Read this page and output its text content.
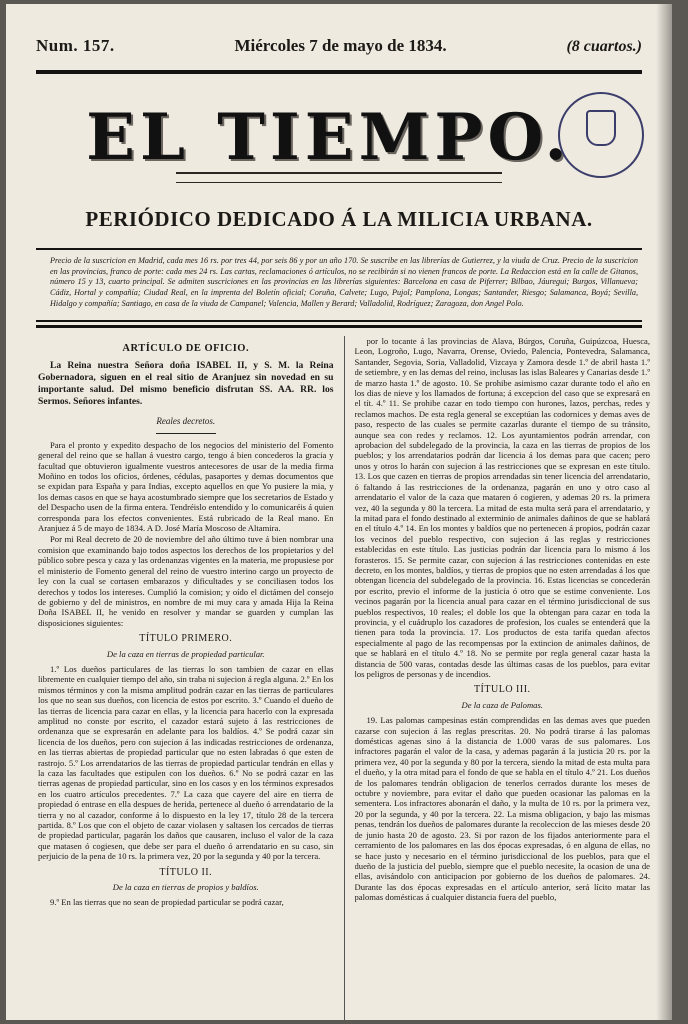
Num. 157.	Miércoles 7 de mayo de 1834.	(8 cuartos.)
EL TIEMPO.
PERIÓDICO DEDICADO Á LA MILICIA URBANA.
Precio de la suscricion en Madrid, cada mes 16 rs. por tres 44, por seis 86 y por un año 170. Se suscribe en las librerías de Gutierrez, y la viuda de Cruz. Precio de la suscricion en las provincias, franco de porte: cada mes 24 rs. Las cartas, reclamaciones ó artículos, no se recibirán si no vienen francos de porte. La Redaccion está en la calle de Gitanos, número 15 y 13, cuarto principal. Se admiten suscriciones en las provincias en las librerías siguientes: Barcelona en casa de Piferrer; Bilbao, Jáuregui; Burgos, Villanueva; Cádiz, Hortal y compañía; Ciudad Real, en la imprenta del Boletín oficial; Coruña, Calvete; Lugo, Pujol; Pamplona, Longas; Santander, Riesgo; Salamanca, Boyá; Sevilla, Hidalgo y compañía; Santiago, en casa de la viuda de Campanel; Valencia, Mallen y Berard; Valladolid, Rodríguez; Zaragoza, don Angel Polo.
ARTÍCULO DE OFICIO.

La Reina nuestra Señora doña ISABEL II, y S. M. la Reina Gobernadora, siguen en el real sitio de Aranjuez sin novedad en su importante salud. Del mismo beneficio disfrutan SS. AA. RR. los Sermos. Señores infantes.

Reales decretos.

Para el pronto y expedito despacho de los negocios del ministerio del Fomento general del reino que se hallan á vuestro cargo, tengo á bien concederos la gracia y facultad que obtuvieron igualmente vuestros antecesores de usar de la media firma Moñino en todos los oficios, órdenes, cédulas, pasaportes y demas documentos que se expidan para España y para Indias, excepto aquellos en que Yo pusiere la mia, y los demas casos en que se haya acostumbrado siempre que los secretarios de Estado y del Despacho usen de la firma entera. Tendréislo entendido y lo comunicaréis á quien corresponda para los efectos convenientes. Está rubricado de la Real mano. En Aranjuez á 5 de mayo de 1834. A D. José María Moscoso de Altamira.

Por mi Real decreto de 20 de noviembre del año último tuve á bien nombrar una comision que examinando bajo todos aspectos los derechos de los propietarios y del público sobre pesca y caza y las ordenanzas vigentes en la materia, me propusiese por el ministerio de Fomento general del reino de vuestro interino cargo un proyecto de ley con la cual se cortasen embarazos y dificultades y se conciliasen todos los derechos y todos los intereses. Cumplió la comision; y oído el dictámen del consejo de gobierno y del de ministros, en nombre de mi muy cara y amada Hija la Reina Doña ISABEL II, he venido en resolver y mandar se guarden y cumplan las disposiciones siguientes:

TÍTULO PRIMERO.
De la caza en tierras de propiedad particular.

1.º Los dueños particulares de las tierras lo son tambien de cazar en ellas libremente en cualquier tiempo del año, sin traba ni sujecion á regla alguna. 2.º En los mismos términos y con la misma amplitud podrán cazar en las tierras de particulares los que no sean sus dueños, con licencia de estos por escrito. 3.º Cuando el dueño de las tierras de licencia para cazar en ellas, y la licencia para hacerlo con la expresada amplitud no conste por escrito, el cazador estará sujeto á las restricciones de ordenanza que se expresarán en adelante para los baldíos. 4.º Se podrá cazar sin licencia de los dueños, pero con sujecion á las indicadas restricciones de ordenanza, en las tierras abiertas de propiedad particular que no esten labradas ó que esten de rastrojo. 5.º Los arrendatarios de las tierras de propiedad particular tendrán en ellas y la caza las facultades que estipulen con los dueños. 6.º No se podrá cazar en las tierras agenas de propiedad particular, sino en los casos y en los términos expresados en los cuatro artículos precedentes. 7.º La caza que cayere del aire en tierra de propiedad ó entrase en ella despues de herida, pertenece al dueño ó arrendatario de la tierra y no al cazador, conforme á lo dispuesto en la ley 17, título 28 de la tercera partida. 8.º Los que con el objeto de cazar violasen y saltasen los cercados de tierras de propiedad particular, pagarán los daños que causaren, incluso el valor de la caza que matasen ó cogiesen, que debe ser para el dueño ó arrendatario en su caso, sin perjuicio de la pena de 10 rs. la primera vez, 20 por la segunda y 40 por la tercera.

TÍTULO II.
De la caza en tierras de propios y baldíos.

9.º En las tierras que no sean de propiedad particular se podrá cazar,

por lo tocante á las provincias de Alava, Búrgos, Coruña, Guipúzcoa, Huesca, Leon, Logroño, Lugo, Navarra, Orense, Oviedo, Palencia, Pontevedra, Salamanca, Santander, Segovia, Soria, Valladolid, Vizcaya y Zamora desde 1.º de abril hasta 1.º de setiembre, y en las demas del reino, inclusas las islas Baleares y Canarias desde 1.º de marzo hasta 1.º de agosto. 10. Se prohibe asimismo cazar durante todo el año en los dias de nieve y los llamados de fortuna; á excepcion del caso que se expresará en el tít. 4.º 11. Se prohibe cazar en todo tiempo con hurones, lazos, perchas, redes y reclamos machos. De esta regla general se exceptúan las codornices y demas aves de paso, respecto de las cuales se permite cazarlas durante el tiempo de su tránsito, aunque sea con redes y reclamos. 12. Los ayuntamientos podrán arrendar, con aprobacion del subdelegado de la provincia, la caza en las tierras de propios de los pueblos; y los arrendatarios podrán dar licencia á los demas para que cacen; pero unos y otros lo harán con sujecion á las restricciones que se expresan en este título. 13. Los que cazen en tierras de propios arrendadas sin tener licencia del arrendatario, ó faltando á las restricciones de la ordenanza, pagarán en uno y otro caso al arrendatario el valor de la caza que mataren ó cogieren, y ademas 20 rs. la primera vez, 40 la segunda y 80 la tercera. La mitad de esta multa será para el arrendatario, y la mitad para el fondo destinado al exterminio de animales dañinos de que se hablará en el título 4.º 14. En los montes y baldíos que no pertenecen á propios, podrán cazar los vecinos del pueblo respectivo, con sujecion á las reglas y restricciones establecidas en este título. Las justicias podrán dar licencia para lo mismo á los forasteros. 15. Se permite cazar, con sujecion á las restricciones contenidas en este decreto, en los montes, baldíos, y tierras de propios que no esten arrendadas á los que obtengan licencia del subdelegado de la provincia. 16. Estas licencias se concederán por escrito, previo el informe de la justicia ó otro que se estime conveniente. Los vecinos pagarán por la licencia anual para cazar en el término jurisdiccional de sus pueblos respectivos, 10 reales; el doble los que la obtengan para cazar en toda la provincia, y el cuádruplo los cazadores de profesion, los cuales se entenderá que la tienen para toda la provincia. 17. Los productos de esta tarifa quedan afectos especialmente al pago de las recompensas por la extincion de animales dañinos, de que se hablará en el título 4.º 18. No se permite por regla general cazar hasta la distancia de 500 varas, contadas desde las últimas casas de los pueblos, para evitar los peligros de personas y de incendios.

TÍTULO III.
De la caza de Palomas.

19. Las palomas campesinas están comprendidas en las demas aves que pueden cazarse con sujecion á las reglas prescritas. 20. No podrá tirarse á las palomas domésticas agenas sino á la distancia de 1.000 varas de sus palomares. Los infractores pagarán el valor de la casa, y ademas pagarán á la justicia 20 rs. por la primera vez, 40 por la segunda y 80 por la tercera, siendo la mitad de esta multa para el dueño, y la otra mitad para el fondo de que se habla en el título 4.º 21. Los dueños de los palomares tendrán obligacion de tenerlos cerrados durante los meses de octubre y noviembre, para evitar el daño que pueden ocasionar las palomas en la sementera. Los infractores abonarán el daño, y la multa de 10 rs. por la primera vez, 20 por la segunda, y 40 por la tercera. 22. La misma obligacion, y bajo las mismas penas, tendrán los dueños de palomares durante la recoleccion de las mieses desde 20 de junio hasta 20 de agosto. 23. Si por razon de los fijados anteriormente para el cerramiento de los palomares en las dos épocas expresadas, ó en alguna de ellas, no se hace justo y necesario en el término jurisdiccional de los pueblos, para que el dueño de la justicia del pueblo, siempre que el pueblo necesite, la ocasion de una de ellas, avisándolo con anticipacion por gobierno de los dueños de palomares. 24. Durante las dos épocas expresadas en el artículo anterior, será lícito matar las palomas domésticas á cualquier distancia fuera del pueblo,
